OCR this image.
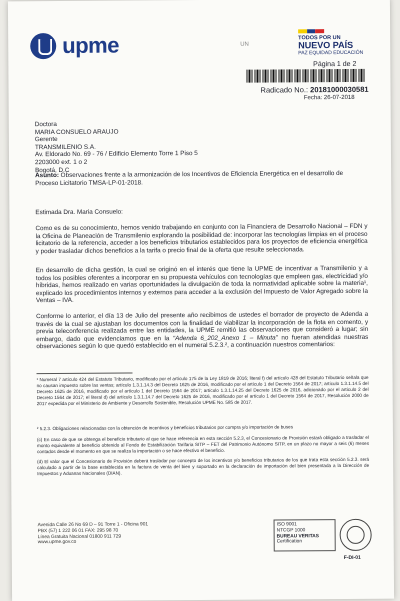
upme	UN
TODOS POR UN
NUEVO PAÍS
PAZ EQUIDAD EDUCACIÓN
Página 1 de 2
Radicado No.: 20181000030581
Fecha: 26-07-2018
Doctora
MARIA CONSUELO ARAUJO
Gerente
TRANSMILENIO S.A.
Av. Eldorado No. 69 - 76 / Edificio Elemento Torre 1 Piso 5
2203000 ext. 1 o 2
Bogotá, D.C
Asunto: Observaciones frente a la armonización de los Incentivos de Eficiencia Energética en el desarrollo de Proceso Licitatorio TMSA-LP-01-2018.
Estimada Dra. Maria Consuelo:
Como es de su conocimiento, hemos venido trabajando en conjunto con la Financiera de Desarrollo Nacional – FDN y la Oficina de Planeación de Transmilenio explorando la posibilidad de: incorporar las tecnologías limpias en el proceso licitatorio de la referencia, acceder a los beneficios tributarios establecidos para los proyectos de eficiencia energética y poder trasladar dichos beneficios a la tarifa o precio final de la oferta que resulte seleccionada.
En desarrollo de dicha gestión, la cual se originó en el interés que tiene la UPME de incentivar a Transmilenio y a todos los posibles oferentes a incorporar en su propuesta vehículos con tecnologías que empleen gas, electricidad y/o híbridas, hemos realizado en varias oportunidades la divulgación de toda la normatividad aplicable sobre la materia¹, explicado los procedimientos internos y externos para acceder a la exclusión del Impuesto de Valor Agregado sobre la Ventas – IVA.
Conforme lo anterior, el día 13 de Julio del presente año recibimos de ustedes el borrador de proyecto de Adenda a través de la cual se ajustaban los documentos con la finalidad de viabilizar la incorporación de la flota en comento, y previa teleconferencia realizada entre las entidades, la UPME remitió las observaciones que consideró a lugar; sin embargo, dado que evidenciamos que en la "Adenda 6_202_Anexo 1 – Minuta" no fueran atendidas nuestras observaciones según lo que quedó establecido en el numeral 5.2.3.², a continuación nuestros comentarios:
¹ Numeral 7 artículo 424 del Estatuto Tributario, modificado por el artículo 175 de la Ley 1819 de 2016; literal f) del artículo 428 del Estatuto Tributario señala que no causan impuesto sobre las ventas; artículo 1.3.1.14.3 del Decreto 1625 de 2016, modificado por el artículo 1 del Decreto 1564 de 2017; artículo 1.3.1.14.5 del Decreto 1625 de 2016, modificado por el artículo 1 del Decreto 1564 de 2017; artículo 1.3.1.14.25 del Decreto 1625 de 2016, adicionado por el artículo 2 del Decreto 1564 de 2017; el literal d) del artículo 1.3.1.14.7 del Decreto 1625 de 2016, modificado por el artículo 1 del Decreto 1564 de 2017, Resolución 2000 de 2017 expedida por el Ministerio de Ambiente y Desarrollo Sostenible, Resolución UPME No. 585 de 2017.
² 5.2.3. Obligaciones relacionadas con la obtención de incentivos y beneficios tributarios por compra y/o importación de buses
(c) En caso de que se obtenga el beneficio tributario al que se hace referencia en esta sección 5.2.3, el Concesionario de Provisión estará obligado a trasladar el monto equivalente al beneficio obtenido al Fondo de Estabilización Tarifaria SITP – FET del Patrimonio Autónomo SITP, en un plazo no mayor a seis (6) meses contados desde el momento en que se realiza la importación o se hace efectivo el beneficio.
(d) El valor que el Concesionario de Provisión deberá trasladar por concepto de los incentivos y/o beneficios tributarios de los que trata esta sección 5.2.3. será calculado a partir de la base establecida en la factura de venta del bien y soportado en la declaración de importación del bien presentada a la Dirección de Impuestos y Aduanas Nacionales (DIAN).
Avenida Calle 26 No 69 D – 91 Torre 1 - Oficina 901
PBX (57) 1 222 06 01 FAX: 295 98 70
Línea Gratuita Nacional 01800 911 729
www.upme.gov.co
ISO 9001
NTCGP 1000
BUREAU VERITAS
Certification
F-DI-01
